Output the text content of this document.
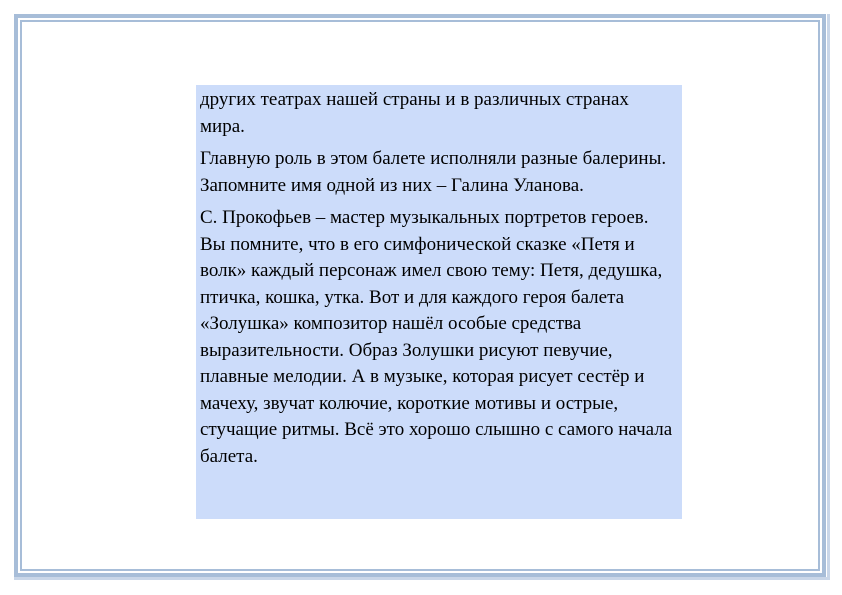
других театрах нашей страны и в различных странах мира.

Главную роль в этом балете исполняли разные балерины. Запомните имя одной из них – Галина Уланова.

С. Прокофьев – мастер музыкальных портретов героев. Вы помните, что в его симфонической сказке «Петя и волк» каждый персонаж имел свою тему: Петя, дедушка, птичка, кошка, утка. Вот и для каждого героя балета «Золушка» композитор нашёл особые средства выразительности. Образ Золушки рисуют певучие, плавные мелодии. А в музыке, которая рисует сестёр и мачеху, звучат колючие, короткие мотивы и острые, стучащие ритмы. Всё это хорошо слышно с самого начала балета.
